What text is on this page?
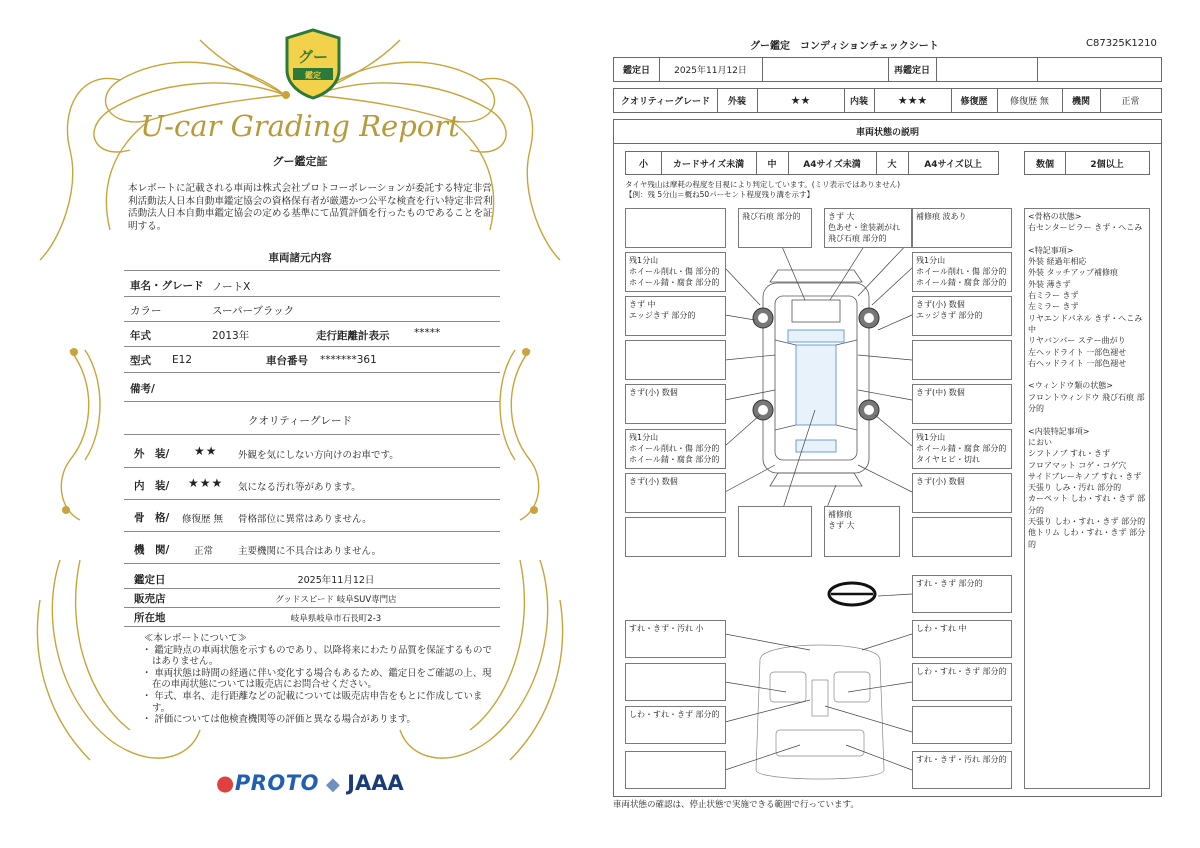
グー
鑑定
U-car Grading Report
グー鑑定証
本レポートに記載される車両は株式会社プロトコーポレーションが委託する特定非営利活動法人日本自動車鑑定協会の資格保有者が厳選かつ公平な検査を行い特定非営利活動法人日本自動車鑑定協会の定める基準にて品質評価を行ったものであることを証明する。
車両諸元内容
車名・グレード ノートX
カラー	スーパーブラック
年式	2013年	走行距離計表示 *****
型式 E12	車台番号 *******361
備考/
クオリティーグレード
外　装/ ★★ 外観を気にしない方向けのお車です。
内　装/ ★★★ 気になる汚れ等があります。
骨　格/ 修復歴 無 骨格部位に異常はありません。
機　関/	正常	主要機関に不具合はありません。
鑑定日	2025年11月12日
販売店	グッドスピード 岐阜SUV専門店
所在地	岐阜県岐阜市石長町2-3
≪本レポートについて≫
・ 鑑定時点の車両状態を示すものであり、以降将来にわたり品質を保証するものではありません。
・ 車両状態は時間の経過に伴い変化する場合もあるため、鑑定日をご確認の上、現在の車両状態については販売店にお問合せください。
・ 年式、車名、走行距離などの記載については販売店申告をもとに作成しています。
・ 評価については他検査機関等の評価と異なる場合があります。
●PROTO ◆ JAAA
グー鑑定　コンディションチェックシート	C87325K1210
鑑定日	2025年11月12日	再鑑定日
クオリティーグレード	外装	★★	内装	★★★	修復歴	修復歴 無	機関	正常
車両状態の説明
小	カードサイズ未満	中	A4サイズ未満	大	A4サイズ以上	数個	2個以上
タイヤ残山は摩耗の程度を目視により判定しています。(ミリ表示ではありません)
【例：残 5分山＝概ね50パーセント程度残り溝を示す】
飛び石痕 部分的	きず 大
色あせ・塗装剥がれ
飛び石痕 部分的
補修痕 波あり
残1分山
ホイール削れ・傷 部分的
ホイール錆・腐食 部分的
残1分山
ホイール削れ・傷 部分的
ホイール錆・腐食 部分的
きず 中
エッジきず 部分的
きず(小) 数個
エッジきず 部分的
きず(小) 数個	きず(中) 数個
残1分山
ホイール削れ・傷 部分的
ホイール錆・腐食 部分的
残1分山
ホイール錆・腐食 部分的
タイヤヒビ・切れ
きず(小) 数個	きず(小) 数個
補修痕
きず 大
すれ・きず 部分的
すれ・きず・汚れ 小	しわ・すれ 中
しわ・すれ・きず 部分的
しわ・すれ・きず 部分的
すれ・きず・汚れ 部分的
<骨格の状態>
右センターピラー きず・へこみ

<特記事項>
外装 経過年相応
外装 タッチアップ補修痕
外装 薄きず
右ミラー きず
左ミラー きず
リヤエンドパネル きず・へこみ 中
リヤバンパー ステー曲がり
左ヘッドライト 一部色褪せ
右ヘッドライト 一部色褪せ

<ウィンドウ類の状態>
フロントウィンドウ 飛び石痕 部分的

<内装特記事項>
におい
シフトノブ すれ・きず
フロアマット コゲ・コゲ穴
サイドブレーキノブ すれ・きず
天張り しみ・汚れ 部分的
カーペット しわ・すれ・きず 部分的
天張り しわ・すれ・きず 部分的
他トリム しわ・すれ・きず 部分的
車両状態の確認は、停止状態で実施できる範囲で行っています。
